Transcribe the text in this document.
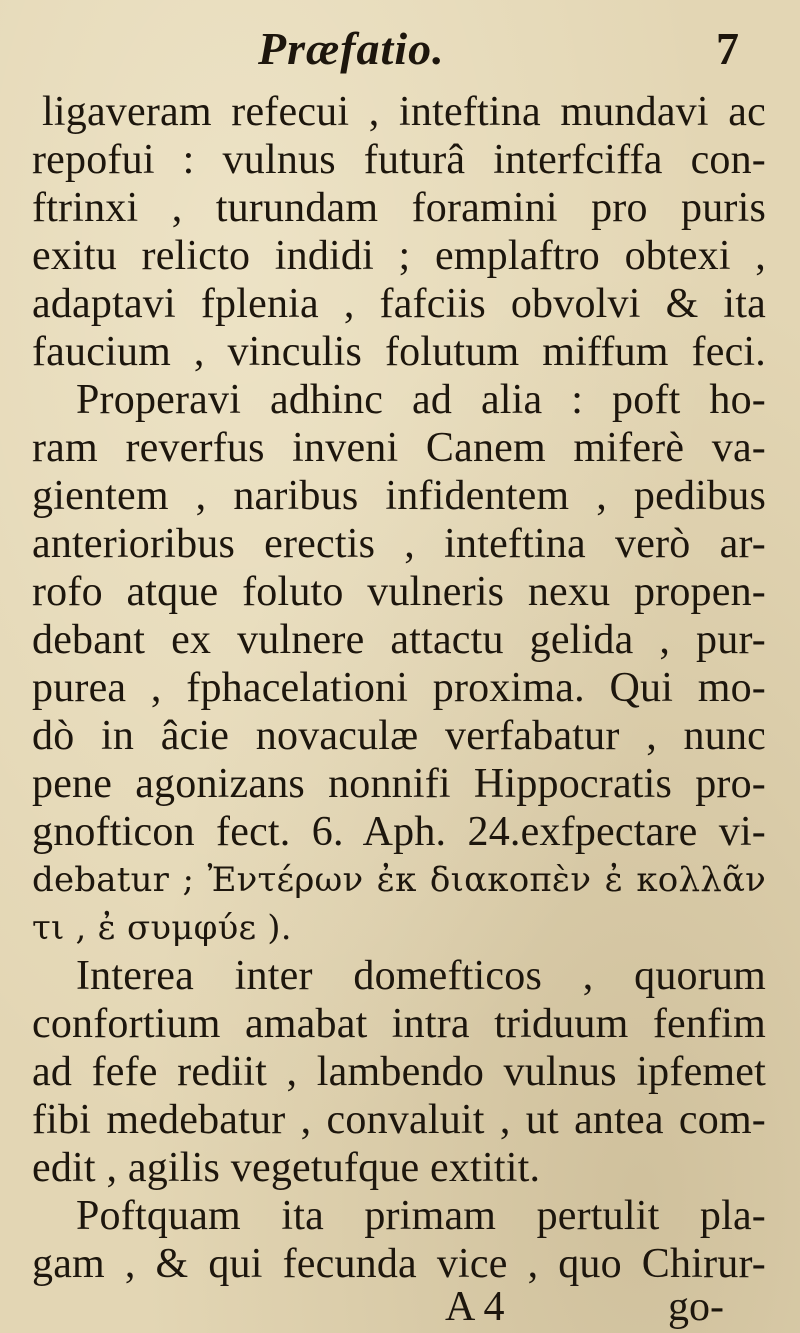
Præfatio.	7
ligaveram refecui , inteftina mundavi ac
repofui : vulnus futurâ interfciffa con-
ftrinxi , turundam foramini pro puris
exitu relicto indidi ; emplaftro obtexi ,
adaptavi fplenia , fafciis obvolvi & ita
faucium , vinculis folutum miffum feci.
Properavi adhinc ad alia : poft ho-
ram reverfus inveni Canem miferè va-
gientem , naribus infidentem , pedibus
anterioribus erectis , inteftina verò ar-
rofo atque foluto vulneris nexu propen-
debant ex vulnere attactu gelida , pur-
purea , fphacelationi proxima. Qui mo-
dò in âcie novaculæ verfabatur , nunc
pene agonizans nonnifi Hippocratis pro-
gnofticon fect. 6. Aph. 24.exfpectare vi-
debatur ; Ἐντέρων ἐκ διακοπὲν ἐ κολλᾶν
τι , ἐ συμφύε ).
Interea inter domefticos , quorum
confortium amabat intra triduum fenfim
ad fefe rediit , lambendo vulnus ipfemet
fibi medebatur , convaluit , ut antea com-
edit , agilis vegetufque extitit.
Poftquam ita primam pertulit pla-
gam , & qui fecunda vice , quo Chirur-
A 4	go-
